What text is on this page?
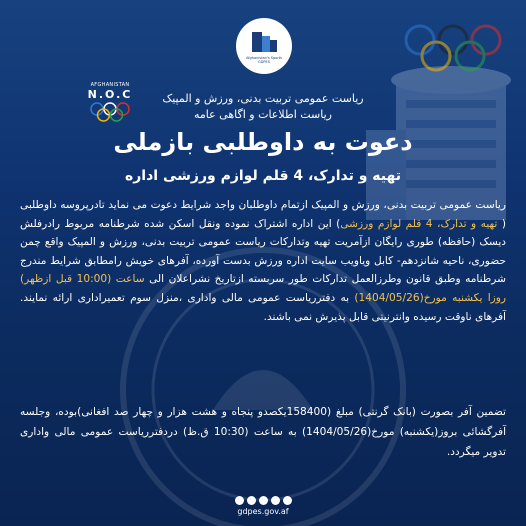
Afghanistan's Sports
GDPES
AFGHANISTAN
N.O.C	ریاست عمومی تربیت بدنی، ورزش و المپیک
ریاست اطلاعات و اگاهی عامه
دعوت به داوطلبی بازملی
تهیه و تدارک، 4 قلم لوازم ورزشی اداره
ریاست عمومی تربیت بدنی، ورزش و المپیک ازتمام داوطلبان واجد شرایط دعوت می نماید تادرپروسه داوطلبی ( تهیه و تدارک، 4 قلم لوازم ورزشی) این اداره اشتراک نموده ونقل اسکن شده شرطنامه مربوط رادرفلش دیسک (حافظه) طوری رایگان ازآمریت تهیه وتدارکات ریاست عمومی تربیت بدنی، ورزش و المپیک واقع چمن حضوری، ناحیه شانزدهم- کابل وياويب سایت اداره ورزش بدست آورده، آفرهای خویش رامطابق شرایط مندرج شرطنامه وطبق قانون وطرزالعمل تدارکات طور سربسته ازتاریخ نشراعلان الی ساعت (10:00 قبل ازظهر) روزا یکشنبه مورخ(1404/05/26) به دفترریاست عمومی مالی واداری ،منزل سوم تعمیراداری ارائه نمایند. آفرهای ناوقت رسیده وانترنیتی قابل پذیرش نمی باشند.
تضمین آفر بصورت (بانک گرنتی) مبلغ (158400یکصدو پنجاه و هشت هزار و چهار صد افغانی)بوده، وجلسه آفرگشائی بروز(یکشنبه) مورخ(1404/05/26) به ساعت (10:30 ق.ظ) دردفترریاست عمومی مالی واداری تدویر میگردد.
gdpes.gov.af
